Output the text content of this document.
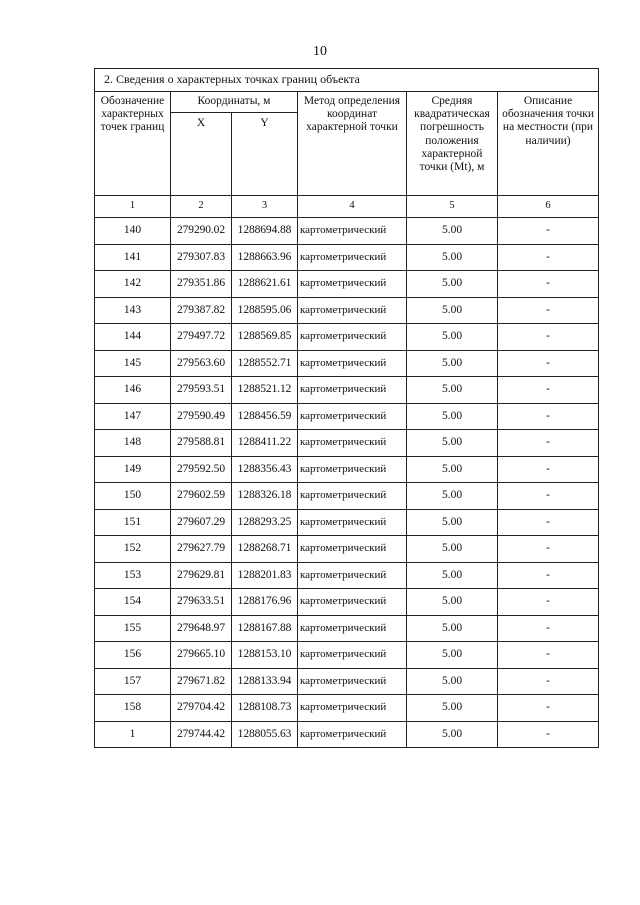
10
2. Сведения о характерных точках границ объекта					
Обозначение характерных точек границ	Координаты, м		Метод определения координат характерной точки	Средняя квадратическая погрешность положения характерной точки (Mt), м	Описание обозначения точки на местности (при наличии)
	X	Y			
1	2	3	4	5	6
140	279290.02	1288694.88	картометрический	5.00	-
141	279307.83	1288663.96	картометрический	5.00	-
142	279351.86	1288621.61	картометрический	5.00	-
143	279387.82	1288595.06	картометрический	5.00	-
144	279497.72	1288569.85	картометрический	5.00	-
145	279563.60	1288552.71	картометрический	5.00	-
146	279593.51	1288521.12	картометрический	5.00	-
147	279590.49	1288456.59	картометрический	5.00	-
148	279588.81	1288411.22	картометрический	5.00	-
149	279592.50	1288356.43	картометрический	5.00	-
150	279602.59	1288326.18	картометрический	5.00	-
151	279607.29	1288293.25	картометрический	5.00	-
152	279627.79	1288268.71	картометрический	5.00	-
153	279629.81	1288201.83	картометрический	5.00	-
154	279633.51	1288176.96	картометрический	5.00	-
155	279648.97	1288167.88	картометрический	5.00	-
156	279665.10	1288153.10	картометрический	5.00	-
157	279671.82	1288133.94	картометрический	5.00	-
158	279704.42	1288108.73	картометрический	5.00	-
1	279744.42	1288055.63	картометрический	5.00	-
